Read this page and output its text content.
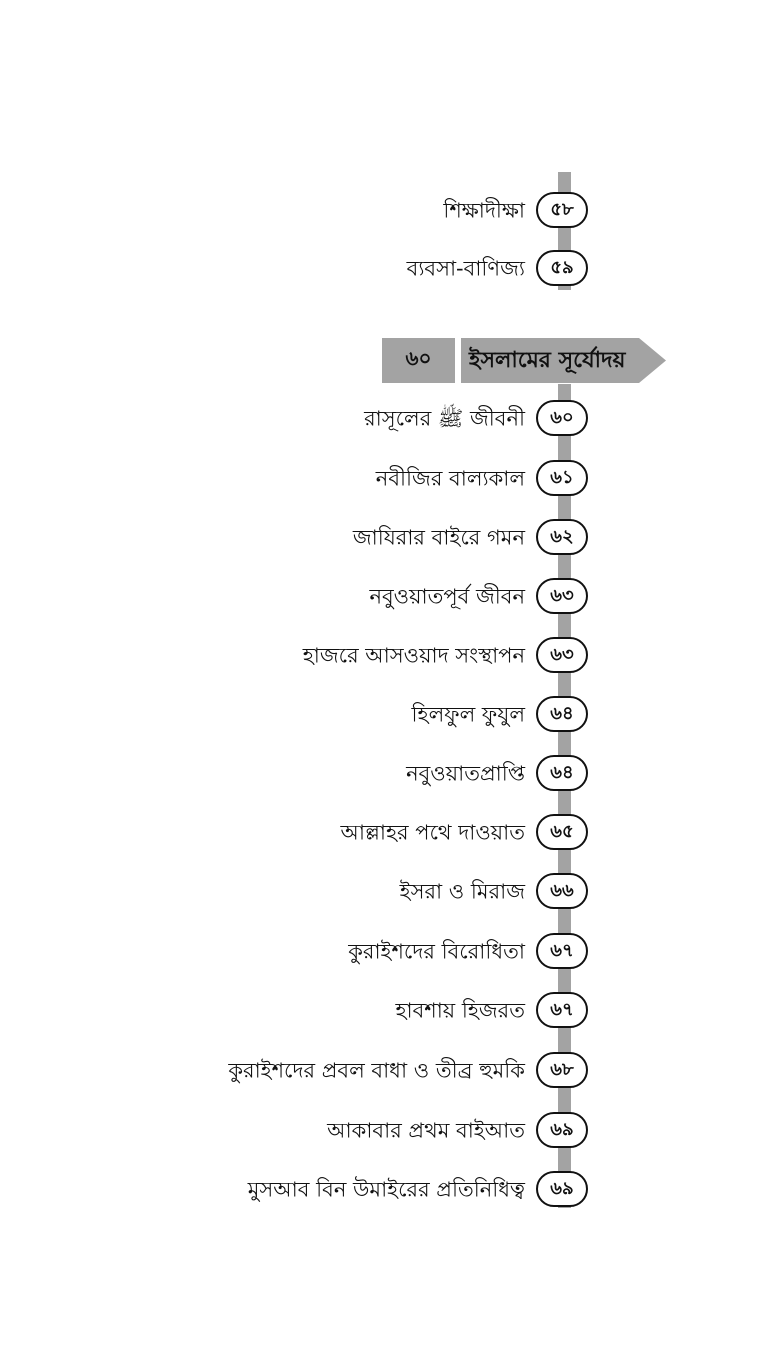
শিক্ষাদীক্ষা	৫৮
ব্যবসা-বাণিজ্য	৫৯
৬০	ইসলামের সূর্যোদয়
রাসূলের ﷺ জীবনী	৬০
নবীজির বাল্যকাল	৬১
জাযিরার বাইরে গমন	৬২
নবুওয়াতপূর্ব জীবন	৬৩
হাজরে আসওয়াদ সংস্থাপন	৬৩
হিলফুল ফুযুল	৬৪
নবুওয়াতপ্রাপ্তি	৬৪
আল্লাহর পথে দাওয়াত	৬৫
ইসরা ও মিরাজ	৬৬
কুরাইশদের বিরোধিতা	৬৭
হাবশায় হিজরত	৬৭
কুরাইশদের প্রবল বাধা ও তীব্র হুমকি	৬৮
আকাবার প্রথম বাইআত	৬৯
মুসআব বিন উমাইরের প্রতিনিধিত্ব	৬৯
